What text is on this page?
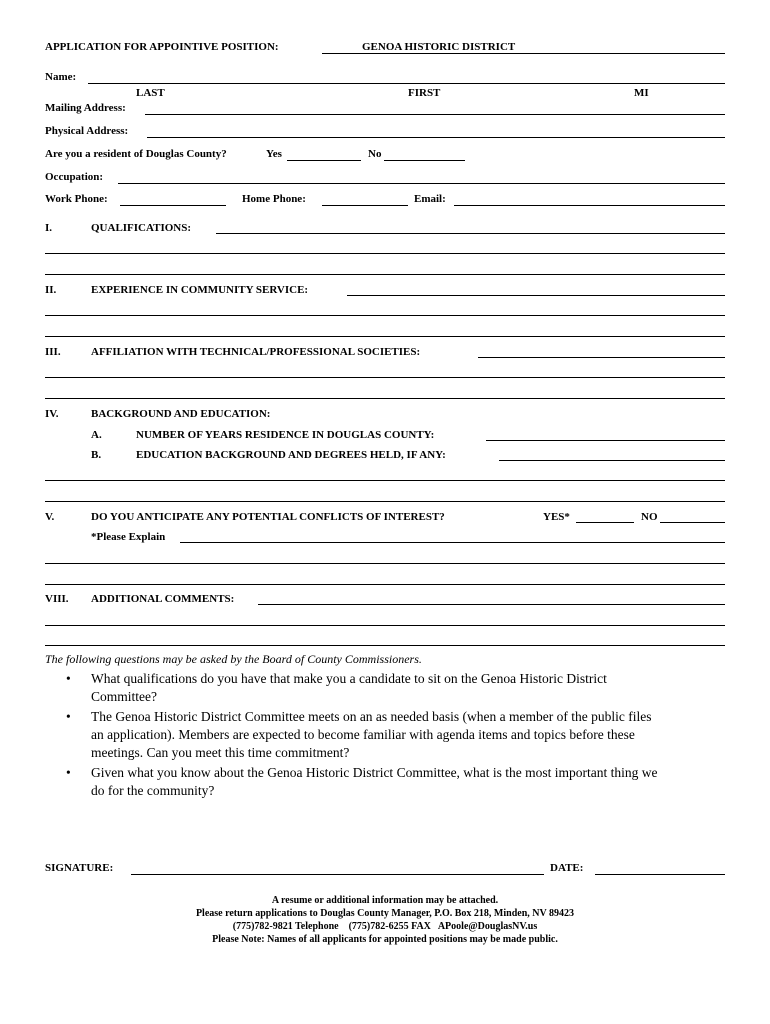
APPLICATION FOR APPOINTIVE POSITION:	GENOA HISTORIC DISTRICT
Name:
LAST	FIRST	MI
Mailing Address:
Physical Address:
Are you a resident of Douglas County?	Yes	No
Occupation:
Work Phone:	Home Phone:	Email:
I.	QUALIFICATIONS:
II.	EXPERIENCE IN COMMUNITY SERVICE:
III.	AFFILIATION WITH TECHNICAL/PROFESSIONAL SOCIETIES:
IV.	BACKGROUND AND EDUCATION:
A.	NUMBER OF YEARS RESIDENCE IN DOUGLAS COUNTY:
B.	EDUCATION BACKGROUND AND DEGREES HELD, IF ANY:
V.	DO YOU ANTICIPATE ANY POTENTIAL CONFLICTS OF INTEREST?	YES*	NO
*Please Explain
VIII. ADDITIONAL COMMENTS:
The following questions may be asked by the Board of County Commissioners.
• What qualifications do you have that make you a candidate to sit on the Genoa Historic District
Committee?
• The Genoa Historic District Committee meets on an as needed basis (when a member of the public files
an application). Members are expected to become familiar with agenda items and topics before these
meetings. Can you meet this time commitment?
• Given what you know about the Genoa Historic District Committee, what is the most important thing we
do for the community?
SIGNATURE:	DATE:
A resume or additional information may be attached.
Please return applications to Douglas County Manager, P.O. Box 218, Minden, NV 89423
(775)782-9821 Telephone    (775)782-6255 FAX   APoole@DouglasNV.us
Please Note: Names of all applicants for appointed positions may be made public.
